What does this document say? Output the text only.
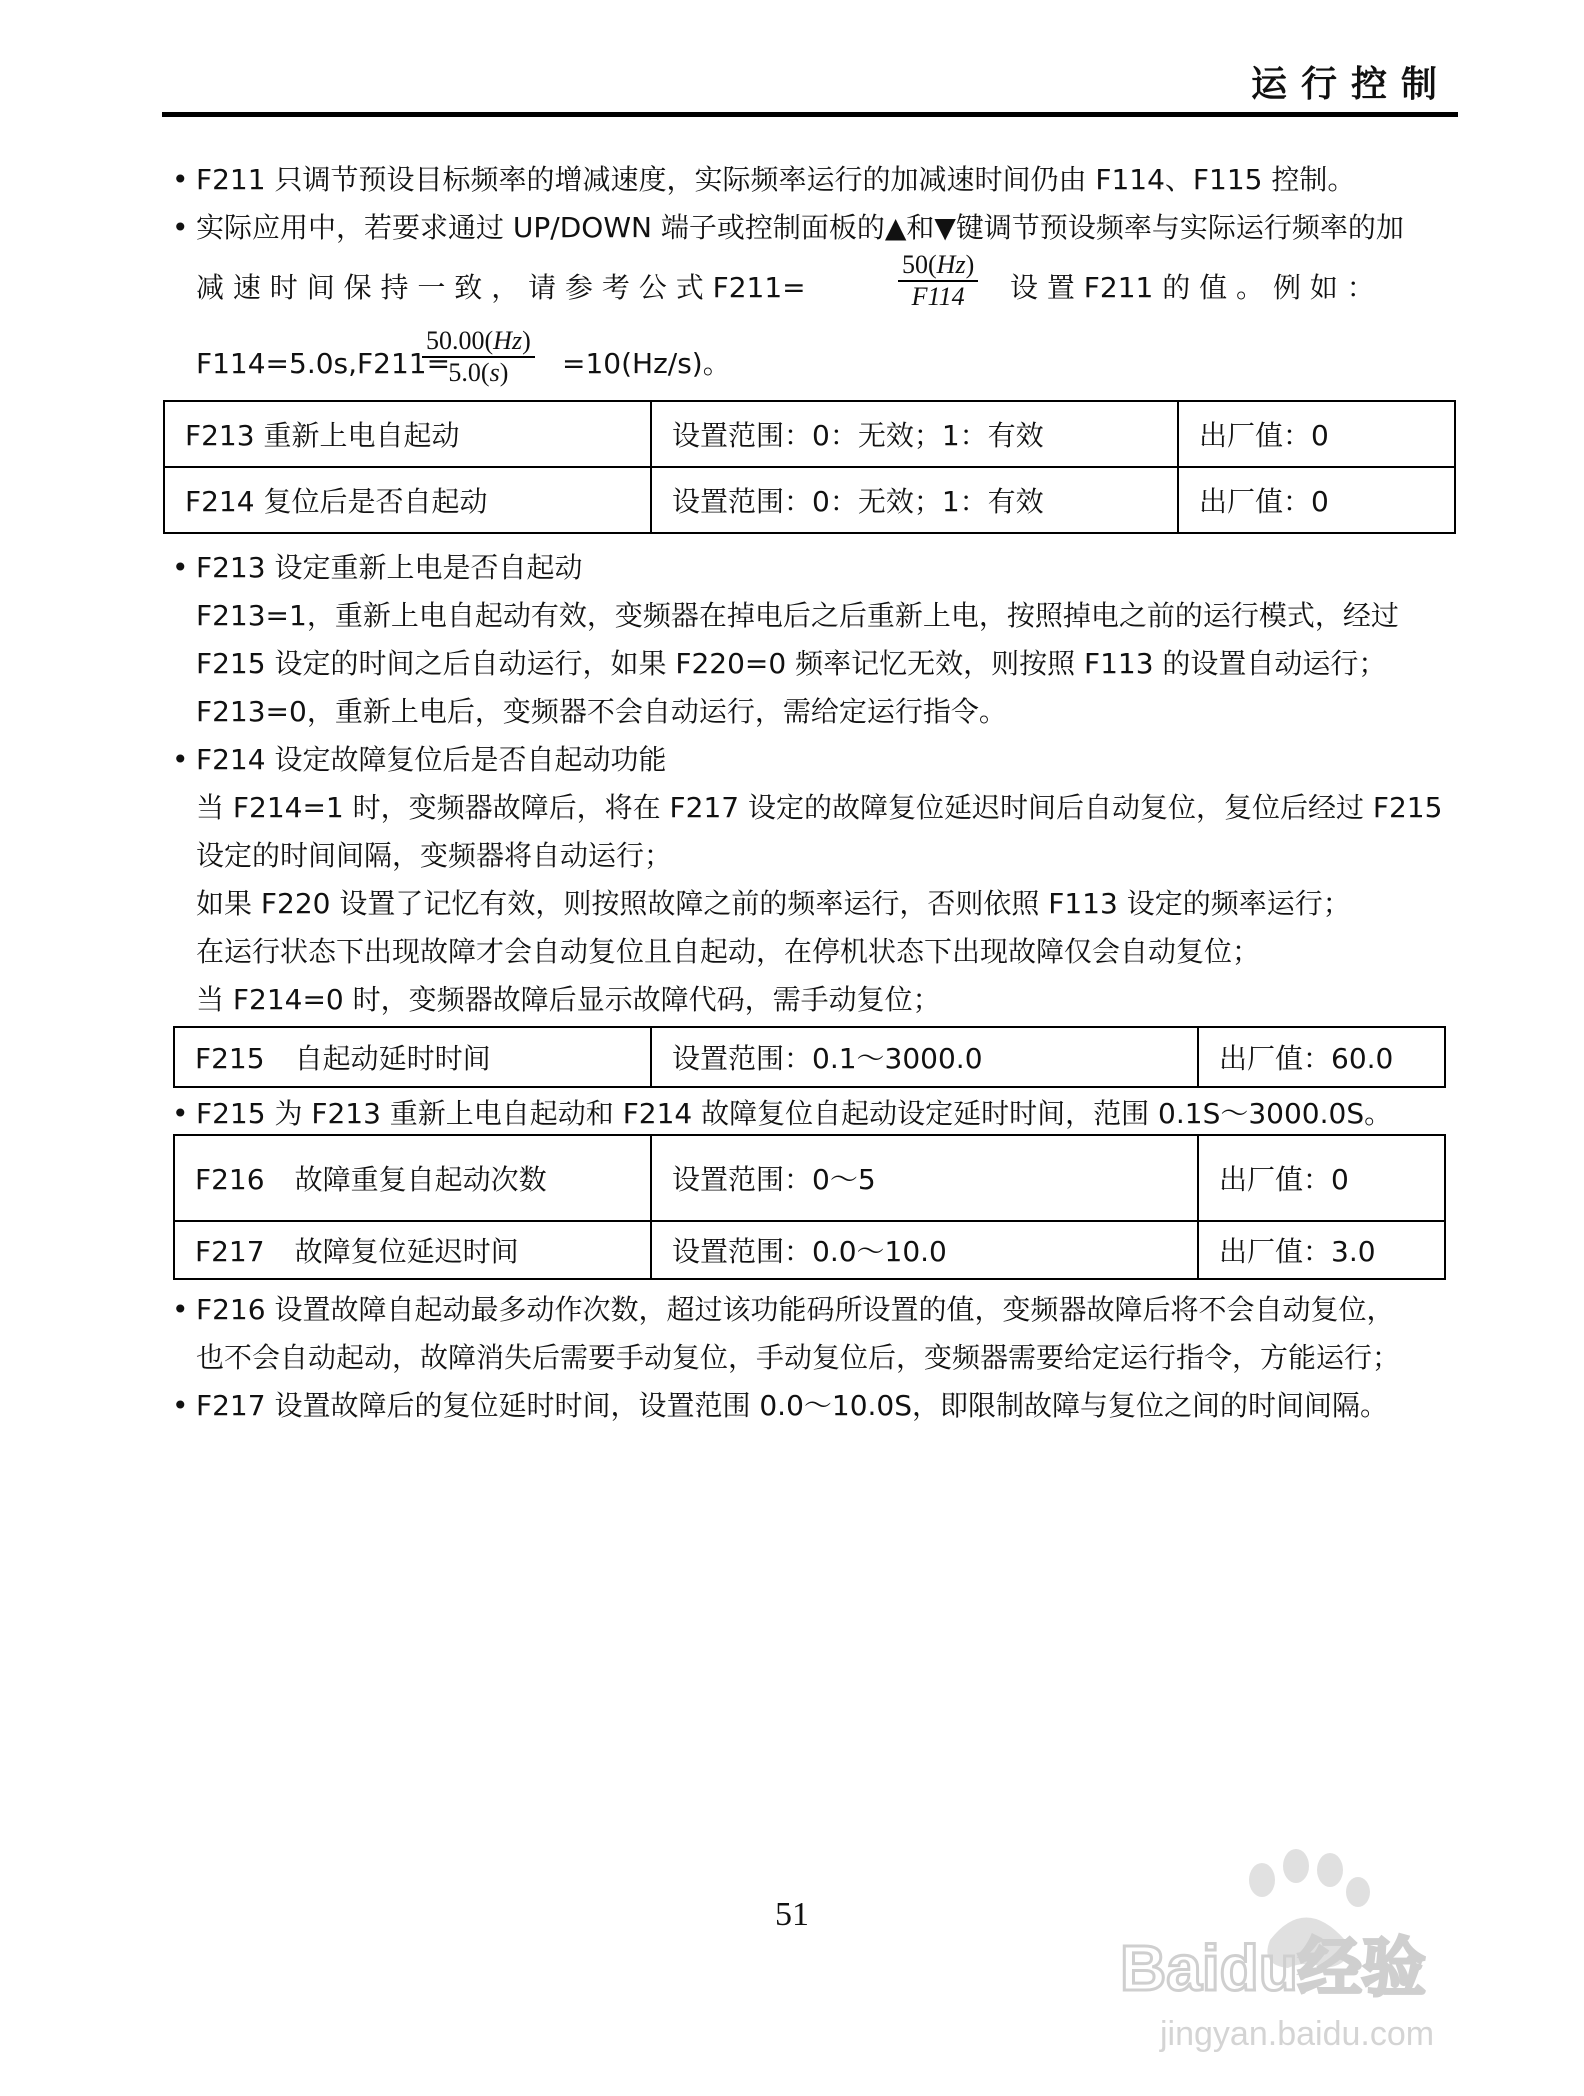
运行控制
• F211 只调节预设目标频率的增减速度，实际频率运行的加减速时间仍由 F114、F115 控制。
• 实际应用中，若要求通过 UP/DOWN 端子或控制面板的▲和▼键调节预设频率与实际运行频率的加
减 速 时 间 保 持 一 致 ， 请 参 考 公 式 F211=	$\frac{50(Hz)}{F114}$ 设 置 F211 的 值 。 例 如 ：
F114=5.0s,F211=
$\frac{50.00(Hz)}{5.0(s)} =10(Hz/s)$。
F213 重新上电自起动	设置范围：0：无效；1：有效	出厂值：0
F214 复位后是否自起动	设置范围：0：无效；1：有效	出厂值：0
• F213 设定重新上电是否自起动
F213=1，重新上电自起动有效，变频器在掉电后之后重新上电，按照掉电之前的运行模式，经过
F215 设定的时间之后自动运行，如果 F220=0 频率记忆无效，则按照 F113 的设置自动运行；
F213=0，重新上电后，变频器不会自动运行，需给定运行指令。
• F214 设定故障复位后是否自起动功能
当 F214=1 时，变频器故障后，将在 F217 设定的故障复位延迟时间后自动复位，复位后经过 F215
设定的时间间隔，变频器将自动运行；
如果 F220 设置了记忆有效，则按照故障之前的频率运行，否则依照 F113 设定的频率运行；
在运行状态下出现故障才会自动复位且自起动，在停机状态下出现故障仅会自动复位；
当 F214=0 时，变频器故障后显示故障代码，需手动复位；
F215 自起动延时时间	设置范围：0.1～3000.0	出厂值：60.0
• F215 为 F213 重新上电自起动和 F214 故障复位自起动设定延时时间，范围 0.1S～3000.0S。
F216 故障重复自起动次数	设置范围：0～5	出厂值：0
F217 故障复位延迟时间	设置范围：0.0～10.0	出厂值：3.0
• F216 设置故障自起动最多动作次数，超过该功能码所设置的值，变频器故障后将不会自动复位，
也不会自动起动，故障消失后需要手动复位，手动复位后，变频器需要给定运行指令，方能运行；
• F217 设置故障后的复位延时时间，设置范围 0.0～10.0S，即限制故障与复位之间的时间间隔。
51
Baidu经验
jingyan.baidu.com
